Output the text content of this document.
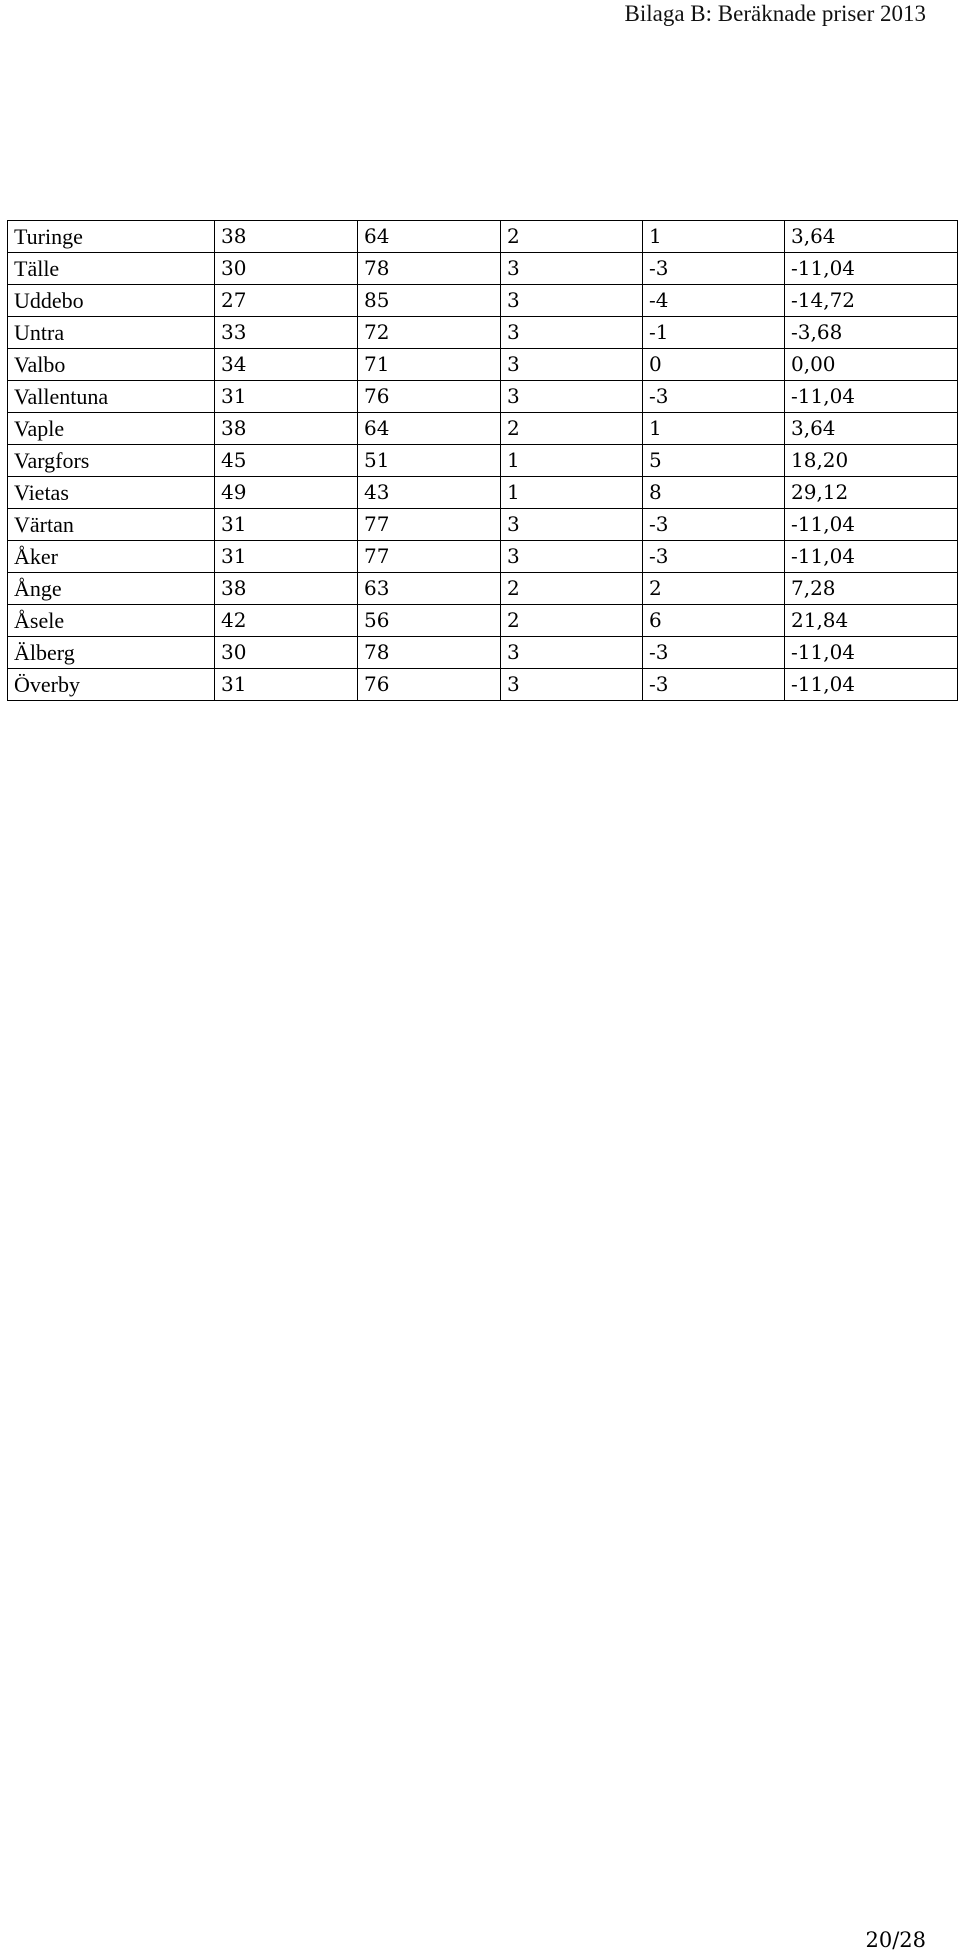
Bilaga B: Beräknade priser 2013
Turinge	38	64	2	1	3,64
Tälle	30	78	3	-3	-11,04
Uddebo	27	85	3	-4	-14,72
Untra	33	72	3	-1	-3,68
Valbo	34	71	3	0	0,00
Vallentuna	31	76	3	-3	-11,04
Vaple	38	64	2	1	3,64
Vargfors	45	51	1	5	18,20
Vietas	49	43	1	8	29,12
Värtan	31	77	3	-3	-11,04
Åker	31	77	3	-3	-11,04
Ånge	38	63	2	2	7,28
Åsele	42	56	2	6	21,84
Älberg	30	78	3	-3	-11,04
Överby	31	76	3	-3	-11,04
20/28
